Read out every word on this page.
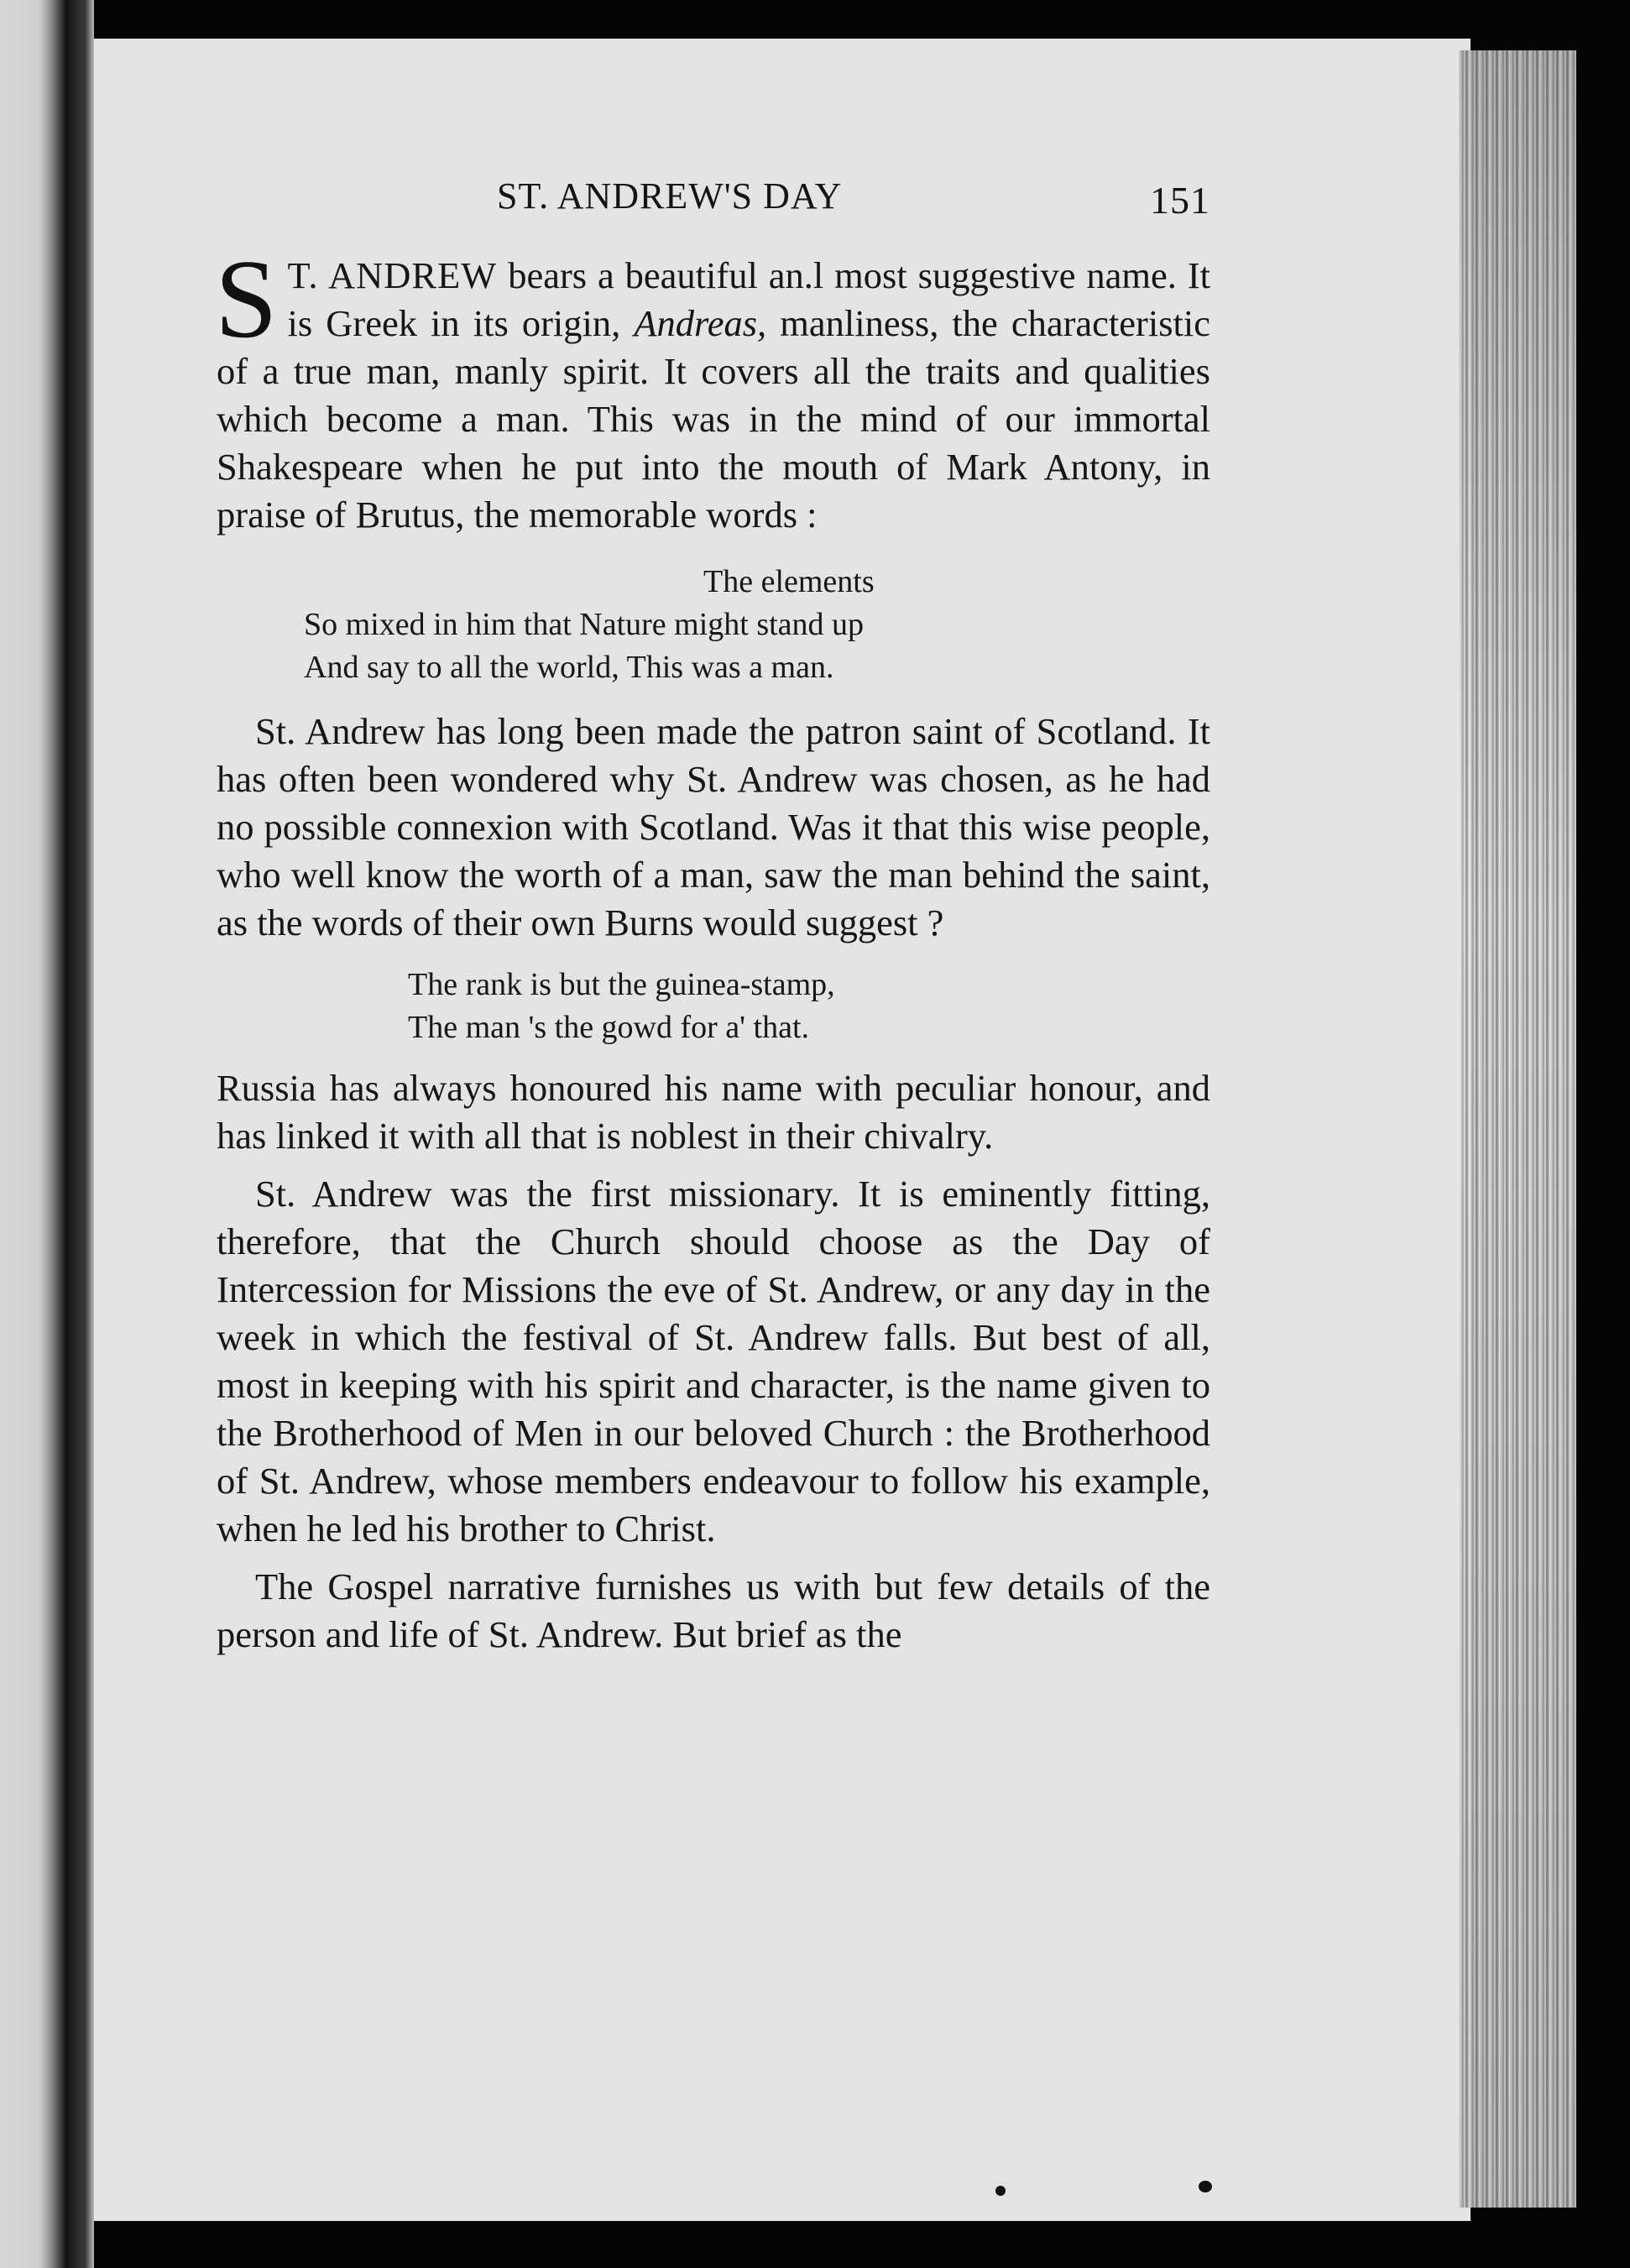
ST. ANDREW'S DAY	151

S T. ANDREW bears a beautiful an.l most suggestive name. It is Greek in its origin, Andreas, manliness, the characteristic of a true man, manly spirit. It covers all the traits and qualities which become a man. This was in the mind of our immortal Shakespeare when he put into the mouth of Mark Antony, in praise of Brutus, the memorable words :

The elements
So mixed in him that Nature might stand up
And say to all the world, This was a man.

St. Andrew has long been made the patron saint of Scotland. It has often been wondered why St. Andrew was chosen, as he had no possible connexion with Scotland. Was it that this wise people, who well know the worth of a man, saw the man behind the saint, as the words of their own Burns would suggest ?

The rank is but the guinea-stamp,
The man 's the gowd for a' that.

Russia has always honoured his name with peculiar honour, and has linked it with all that is noblest in their chivalry.

St. Andrew was the first missionary. It is eminently fitting, therefore, that the Church should choose as the Day of Intercession for Missions the eve of St. Andrew, or any day in the week in which the festival of St. Andrew falls. But best of all, most in keeping with his spirit and character, is the name given to the Brotherhood of Men in our beloved Church : the Brotherhood of St. Andrew, whose members endeavour to follow his example, when he led his brother to Christ.

The Gospel narrative furnishes us with but few details of the person and life of St. Andrew. But brief as the
